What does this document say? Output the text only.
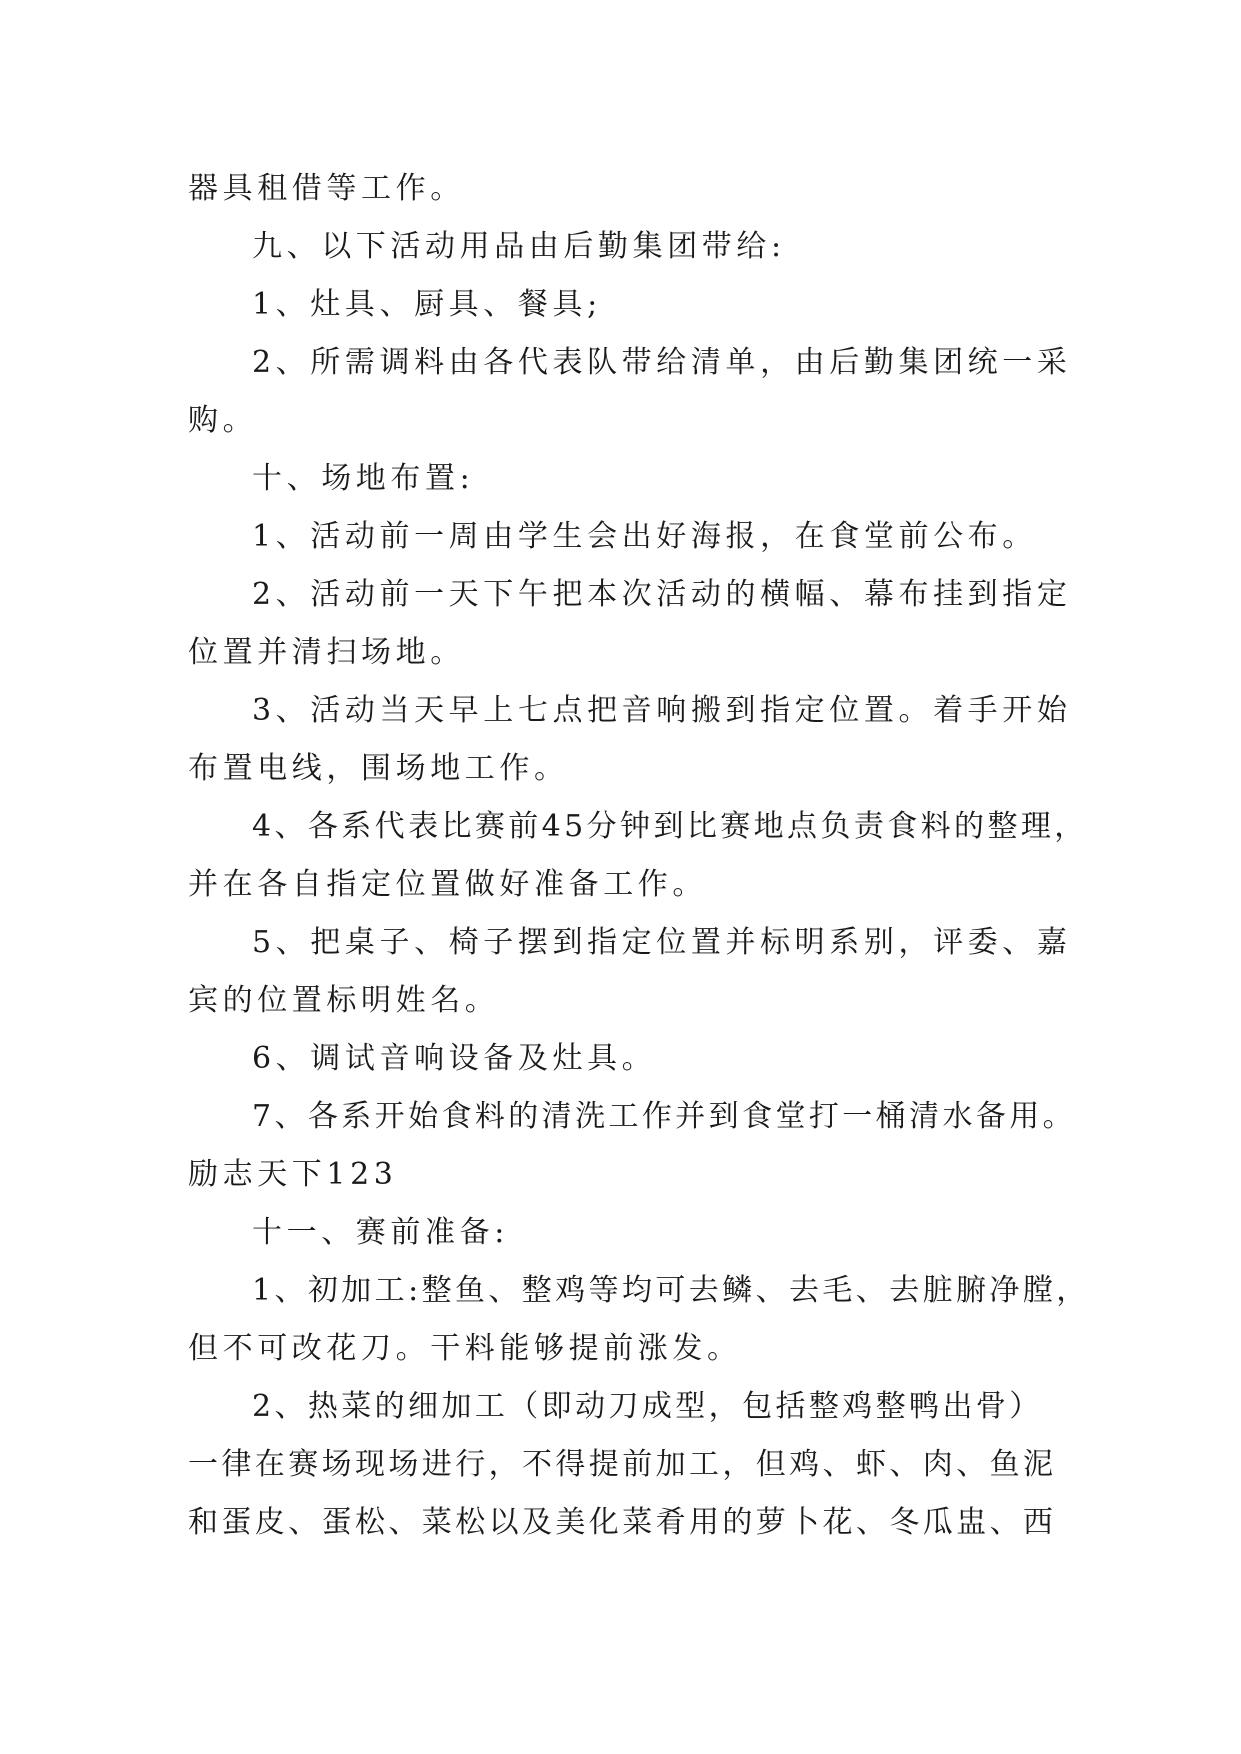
器具租借等工作。
九、以下活动用品由后勤集团带给:
1、灶具、厨具、餐具;
2、所需调料由各代表队带给清单，由后勤集团统一采
购。
十、场地布置:
1、活动前一周由学生会出好海报，在食堂前公布。
2、活动前一天下午把本次活动的横幅、幕布挂到指定
位置并清扫场地。
3、活动当天早上七点把音响搬到指定位置。着手开始
布置电线，围场地工作。
4、各系代表比赛前45分钟到比赛地点负责食料的整理，
并在各自指定位置做好准备工作。
5、把桌子、椅子摆到指定位置并标明系别，评委、嘉
宾的位置标明姓名。
6、调试音响设备及灶具。
7、各系开始食料的清洗工作并到食堂打一桶清水备用。
励志天下123
十一、赛前准备:
1、初加工:整鱼、整鸡等均可去鳞、去毛、去脏腑净膛，
但不可改花刀。干料能够提前涨发。
2、热菜的细加工（即动刀成型，包括整鸡整鸭出骨）
一律在赛场现场进行，不得提前加工，但鸡、虾、肉、鱼泥
和蛋皮、蛋松、菜松以及美化菜肴用的萝卜花、冬瓜盅、西
